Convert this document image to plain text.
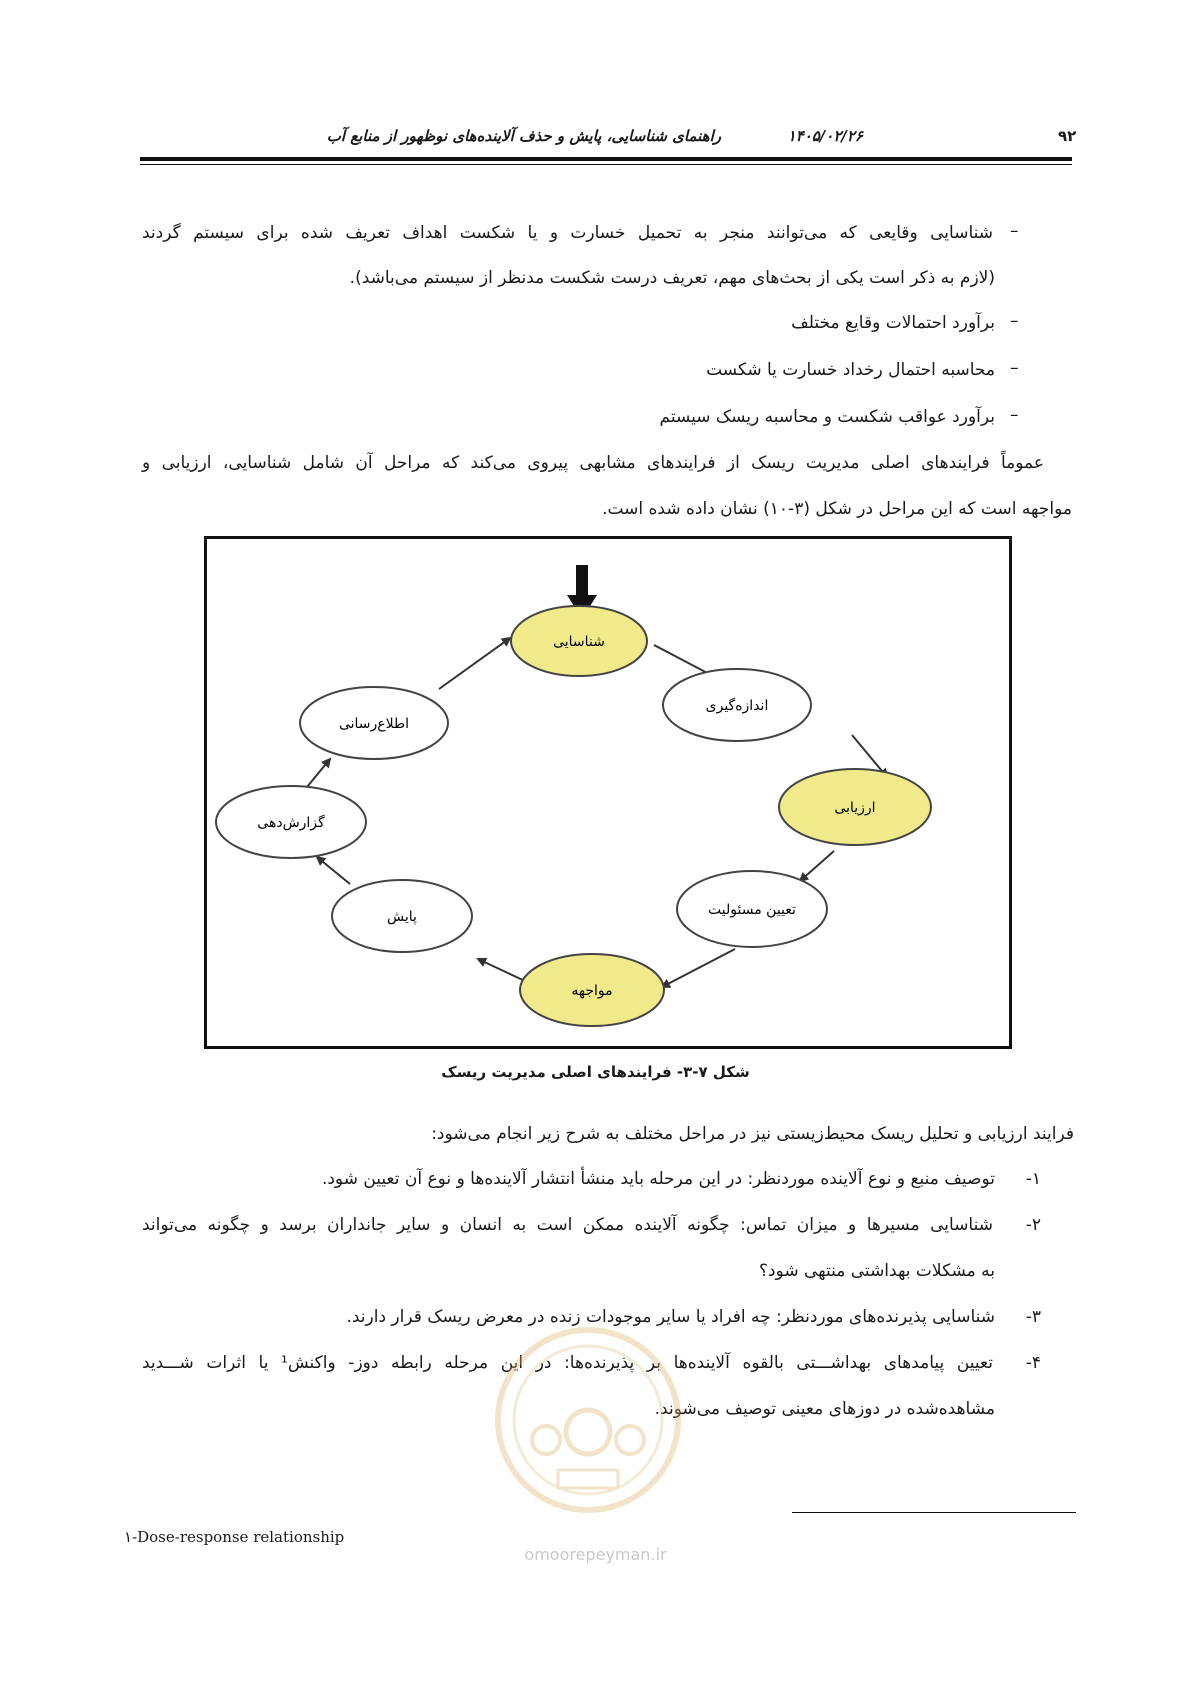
راهنمای شناسایی، پایش و حذف آلاینده‌های نوظهور از منابع آب	۱۴۰۵/۰۲/۲۶	۹۲
شناسایی وقایعی که می‌توانند منجر به تحمیل خسارت و یا شکست اهداف تعریف شده برای سیستم گردند –
(لازم به ذکر است یکی از بحث‌های مهم، تعریف درست شکست مدنظر از سیستم می‌باشد).
برآورد احتمالات وقایع مختلف –
محاسبه احتمال رخداد خسارت یا شکست –
برآورد عواقب شکست و محاسبه ریسک سیستم –
عموماً فرایندهای اصلی مدیریت ریسک از فرایندهای مشابهی پیروی می‌کند که مراحل آن شامل شناسایی، ارزیابی و
مواجهه است که این مراحل در شکل (۳-۱۰) نشان داده شده است.
شناسایی
اندازه‌گیری
ارزیابی
تعیین مسئولیت
مواجهه
پایش
گزارش‌دهی
اطلاع‌رسانی
شکل ۷-۳- فرایندهای اصلی مدیریت ریسک
فرایند ارزیابی و تحلیل ریسک محیط‌زیستی نیز در مراحل مختلف به شرح زیر انجام می‌شود:
توصیف منبع و نوع آلاینده موردنظر: در این مرحله باید منشأ انتشار آلاینده‌ها و نوع آن تعیین شود. ۱-
شناسایی مسیرها و میزان تماس: چگونه آلاینده ممکن است به انسان و سایر جانداران برسد و چگونه می‌تواند ۲-
به مشکلات بهداشتی منتهی شود؟
شناسایی پذیرنده‌های موردنظر: چه افراد یا سایر موجودات زنده در معرض ریسک قرار دارند. ۳-
تعیین پیامدهای بهداشـــتی بالقوه آلاینده‌ها بر پذیرنده‌ها: در این مرحله رابطه دوز- واکنش¹ یا اثرات شـــدید ۴-
مشاهده‌شده در دوزهای معینی توصیف می‌شوند.
۱-Dose-response relationship
omoorepeyman.ir
